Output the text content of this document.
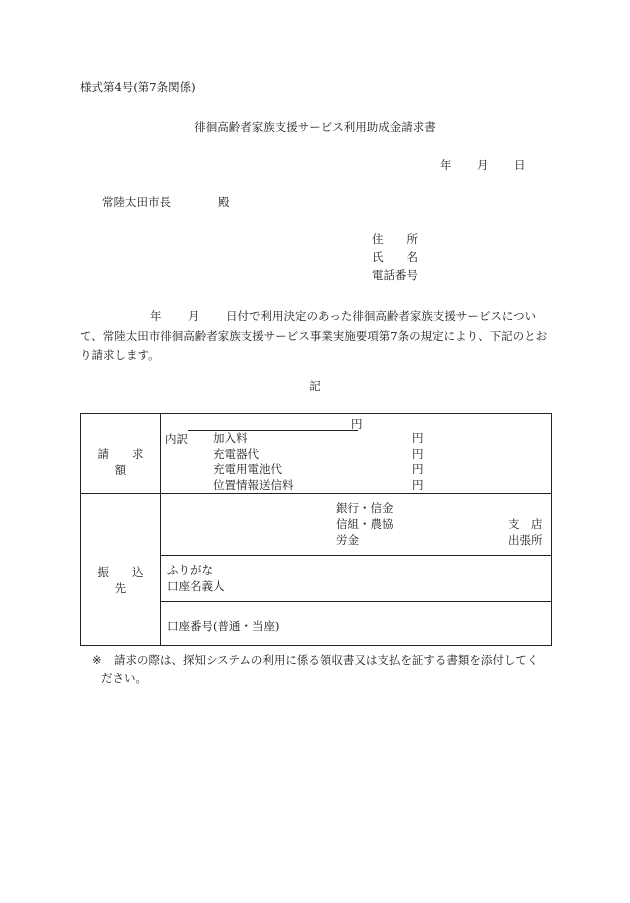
様式第4号(第7条関係)
徘徊高齢者家族支援サービス利用助成金請求書
年 月 日
常陸太田市長	殿
住　　所
氏　　名
電話番号
年 月 日付で利用決定のあった徘徊高齢者家族支援サービスについて、常陸太田市徘徊高齢者家族支援サービス事業実施要項第7条の規定により、下記のとおり請求します。
記
請　　求　　額
円
内訳 加入料
充電器代
充電用電池代
位置情報送信料
円
円
円
円
振　　込　　先
銀行・信金
信組・農協
労金
支　店
出張所
ふりがな
口座名義人
口座番号(普通・当座)
※ 請求の際は、探知システムの利用に係る領収書又は支払を証する書類を添付してく
ださい。
